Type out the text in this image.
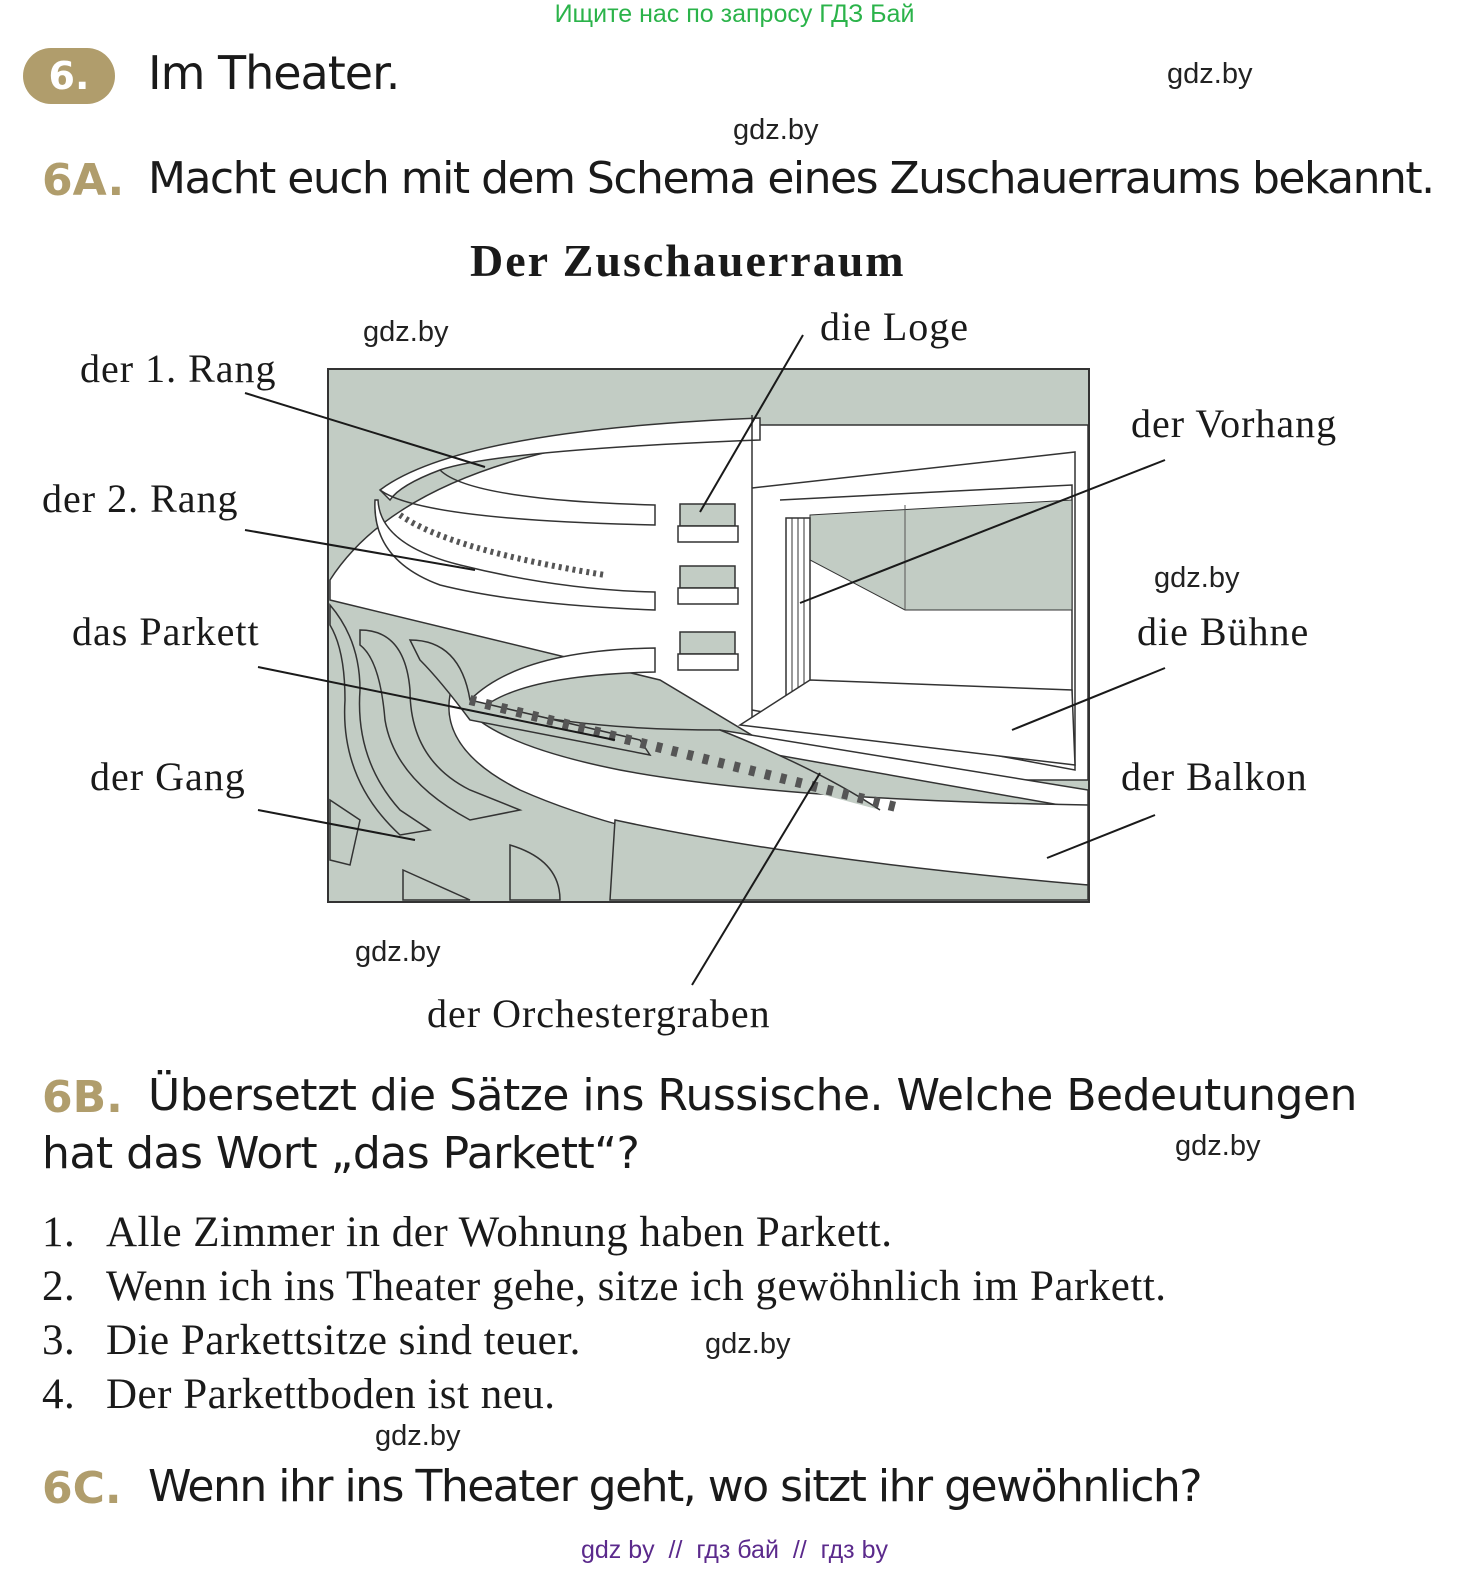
Ищите нас по запросу ГДЗ Бай
6.	Im Theater.	gdz.by
gdz.by
gdz.by
gdz.by
gdz.by
gdz.by
gdz.by
gdz.by
6A. Macht euch mit dem Schema eines Zuschauerraums bekannt.
Der Zuschauerraum
der 1. Rang
der 2. Rang
das Parkett
der Gang
die Loge
der Vorhang
die Bühne
der Balkon
der Orchestergraben
6B. Übersetzt die Sätze ins Russische. Welche Bedeutungen
hat das Wort „das Parkett“?
1. Alle Zimmer in der Wohnung haben Parkett.
2. Wenn ich ins Theater gehe, sitze ich gewöhnlich im Parkett.
3. Die Parkettsitze sind teuer.
4. Der Parkettboden ist neu.
6C. Wenn ihr ins Theater geht, wo sitzt ihr gewöhnlich?
gdz by  //  гдз бай  //  гдз by
